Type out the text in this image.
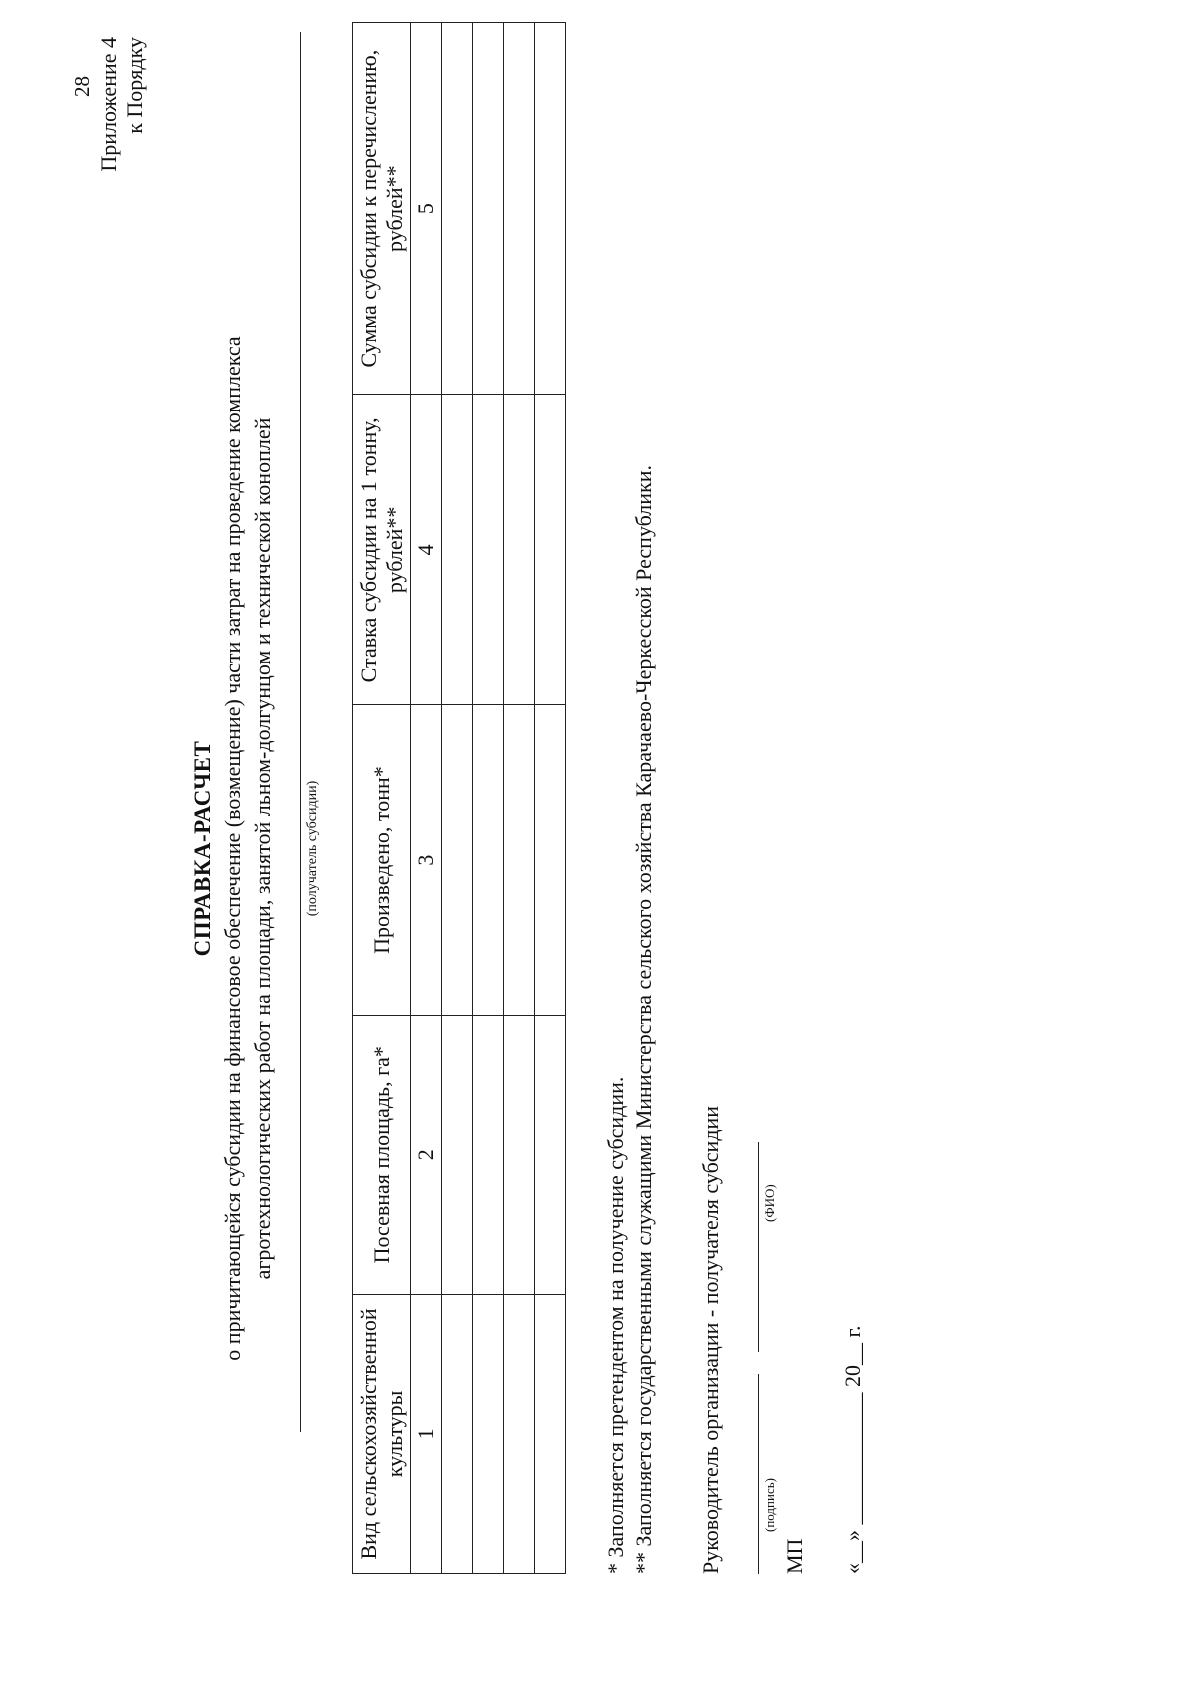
28 Приложение 4 к Порядку
СПРАВКА-РАСЧЕТ о причитающейся субсидии на финансовое обеспечение (возмещение) части затрат на проведение комплекса агротехнологических работ на площади, занятой льном-долгунцом и технической коноплей (получатель субсидии)
Вид сельскохозяйственной культуры	Посевная площадь, га*	Произведено, тонн*	Ставка субсидии на 1 тонну, рублей**	Сумма субсидии к перечислению, рублей**
1	2	3	4	5

* Заполняется претендентом на получение субсидии. ** Заполняется государственными служащими Министерства сельского хозяйства Карачаево-Черкесской Республики. Руководитель организации - получателя субсидии	(подпись)
(ФИО)
МП «__» ____________ 20__ г.
